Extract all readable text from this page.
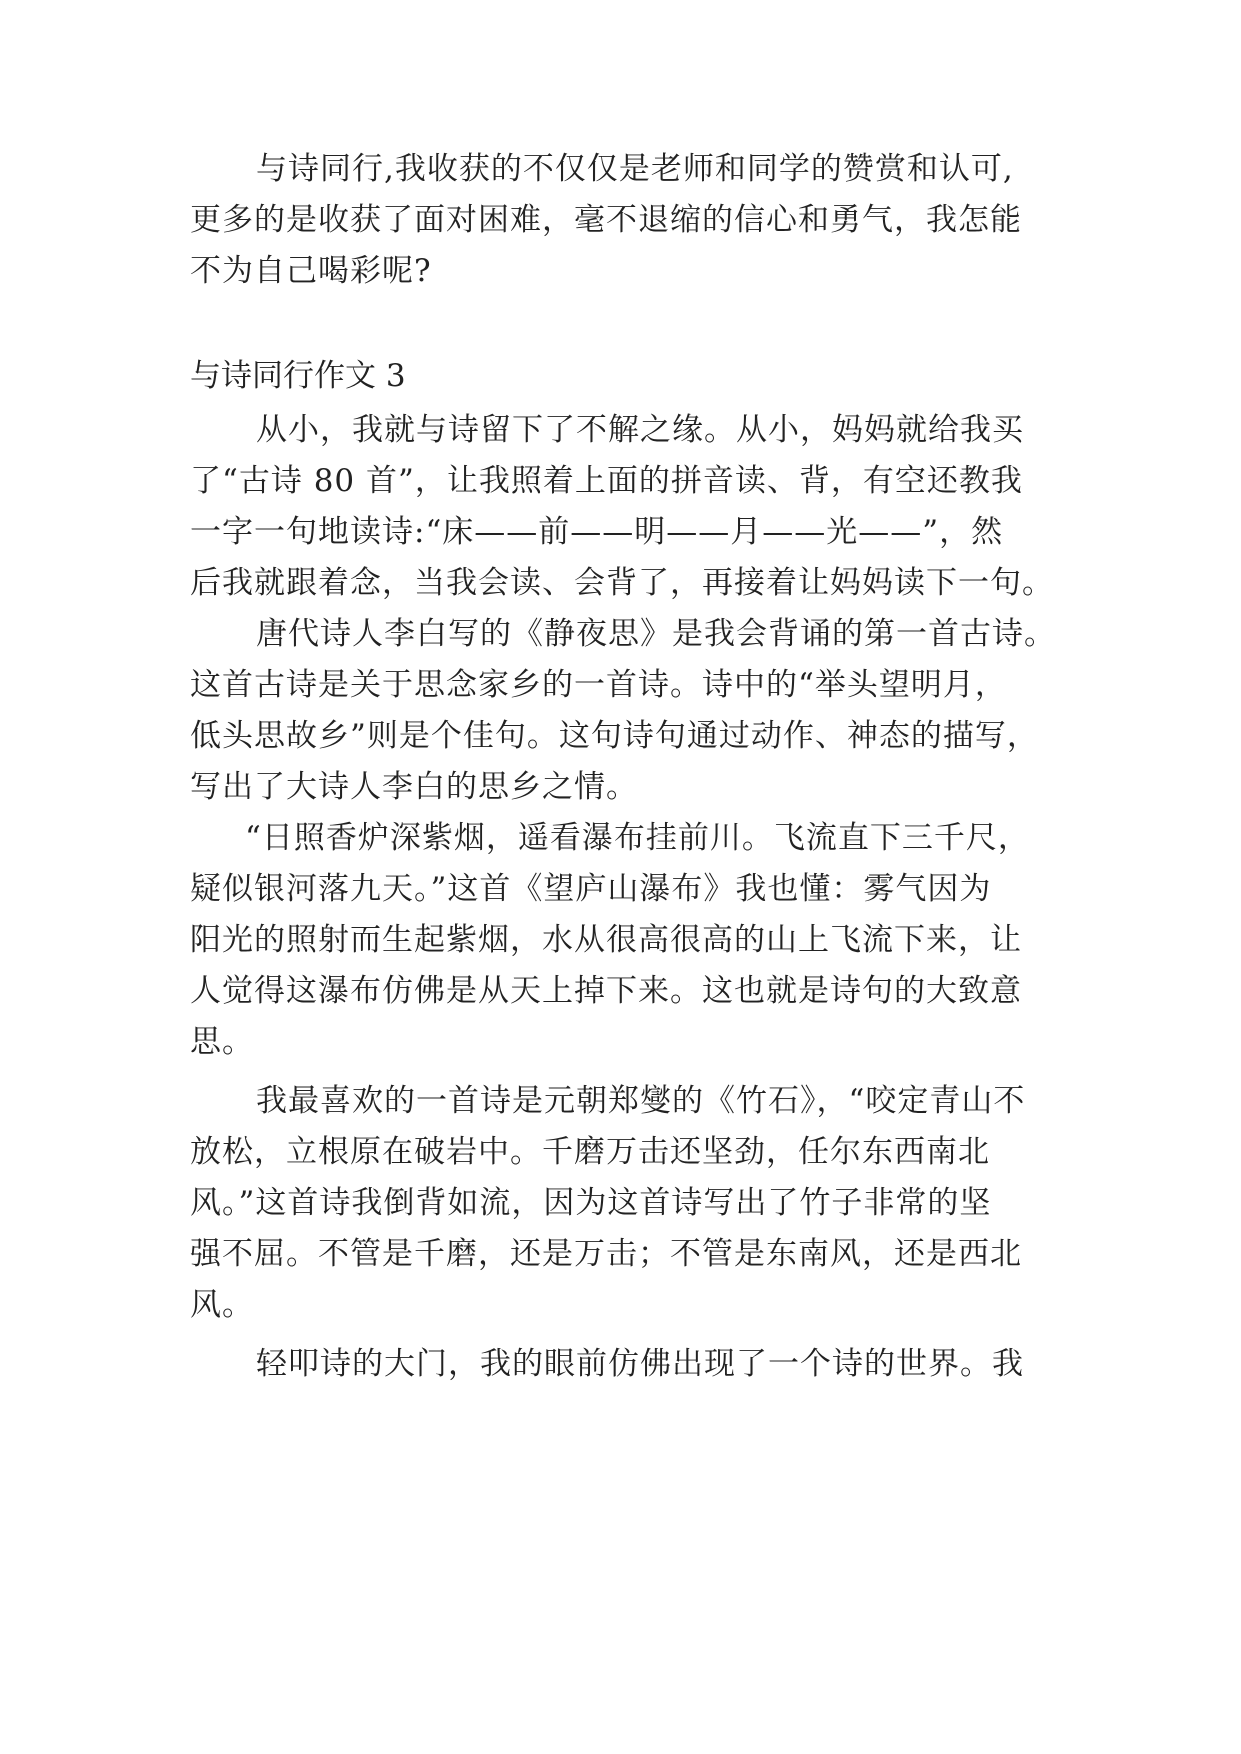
与诗同行,我收获的不仅仅是老师和同学的赞赏和认可,
更多的是收获了面对困难，毫不退缩的信心和勇气，我怎能
不为自己喝彩呢?
与诗同行作文 3
从小，我就与诗留下了不解之缘。从小，妈妈就给我买
了“古诗 80 首”，让我照着上面的拼音读、背，有空还教我
一字一句地读诗:“床——前——明——月——光——”，然
后我就跟着念，当我会读、会背了，再接着让妈妈读下一句。
唐代诗人李白写的《静夜思》是我会背诵的第一首古诗。
这首古诗是关于思念家乡的一首诗。诗中的“举头望明月，
低头思故乡”则是个佳句。这句诗句通过动作、神态的描写，
写出了大诗人李白的思乡之情。
“日照香炉深紫烟，遥看瀑布挂前川。飞流直下三千尺，
疑似银河落九天。”这首《望庐山瀑布》我也懂：雾气因为
阳光的照射而生起紫烟，水从很高很高的山上飞流下来，让
人觉得这瀑布仿佛是从天上掉下来。这也就是诗句的大致意
思。
我最喜欢的一首诗是元朝郑燮的《竹石》，“咬定青山不
放松，立根原在破岩中。千磨万击还坚劲，任尔东西南北
风。”这首诗我倒背如流，因为这首诗写出了竹子非常的坚
强不屈。不管是千磨，还是万击；不管是东南风，还是西北
风。
轻叩诗的大门，我的眼前仿佛出现了一个诗的世界。我
